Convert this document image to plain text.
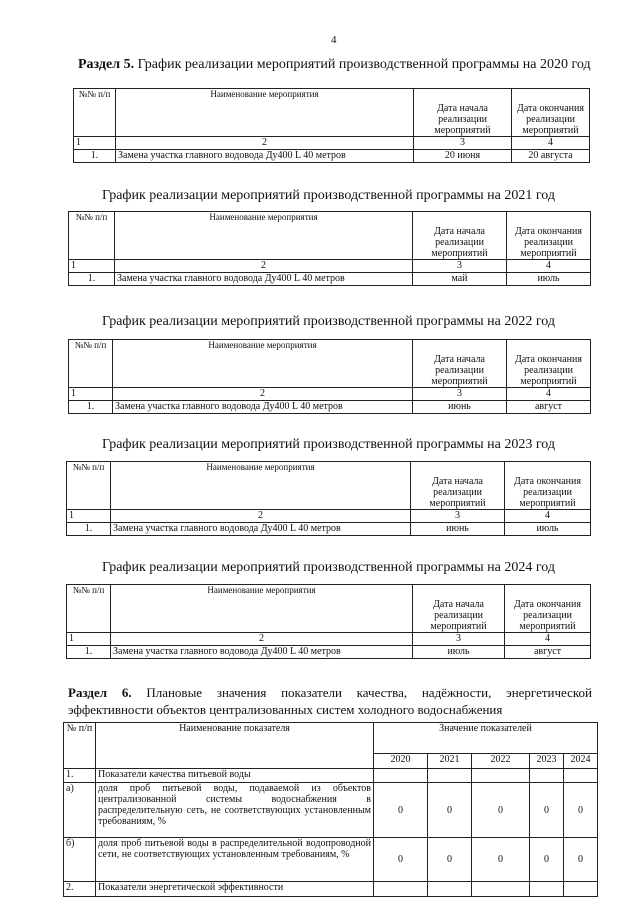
4
Раздел 5. График реализации мероприятий производственной программы на 2020 год
№№ п/п	Наименование мероприятия	Дата начала реализации мероприятий	Дата окончания реализации мероприятий
1	2	3	4
1.	Замена участка главного водовода Ду400 L 40 метров	20 июня	20 августа
График реализации мероприятий производственной программы на 2021 год
№№ п/п	Наименование мероприятия	Дата начала реализации мероприятий	Дата окончания реализации мероприятий
1	2	3	4
1.	Замена участка главного водовода Ду400 L 40 метров	май	июль
График реализации мероприятий производственной программы на 2022 год
№№ п/п	Наименование мероприятия	Дата начала реализации мероприятий	Дата окончания реализации мероприятий
1	2	3	4
1.	Замена участка главного водовода Ду400 L 40 метров	июнь	август
График реализации мероприятий производственной программы на 2023 год
№№ п/п	Наименование мероприятия	Дата начала реализации мероприятий	Дата окончания реализации мероприятий
1	2	3	4
1.	Замена участка главного водовода Ду400 L 40 метров	июнь	июль
График реализации мероприятий производственной программы на 2024 год
№№ п/п	Наименование мероприятия	Дата начала реализации мероприятий	Дата окончания реализации мероприятий
1	2	3	4
1.	Замена участка главного водовода Ду400 L 40 метров	июль	август
Раздел 6. Плановые значения показатели качества, надёжности, энергетической эффективности объектов централизованных систем холодного водоснабжения
№ п/п	Наименование показателя	Значение показателей				
		2020	2021	2022	2023	2024
1.	Показатели качества питьевой воды					
а)	доля проб питьевой воды, подаваемой из объектов централизованной системы водоснабжения в распределительную сеть, не соответствующих установленным требованиям, %	0	0	0	0	0
б)	доля проб питьевой воды в распределительной водопроводной сети, не соответствующих установленным требованиям, %	0	0	0	0	0
2.	Показатели энергетической эффективности					
